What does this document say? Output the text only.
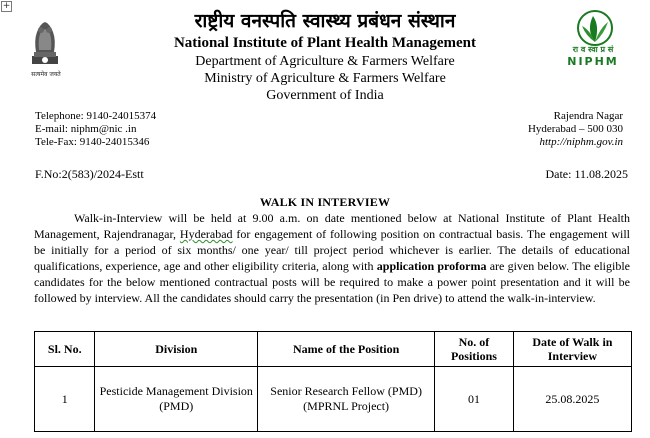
+
सत्यमेव जयते
राष्ट्रीय वनस्पति स्वास्थ्य प्रबंधन संस्थान
National Institute of Plant Health Management
Department of Agriculture & Farmers Welfare
Ministry of Agriculture & Farmers Welfare
Government of India
रा व स्वा प्र सं
NIPHM
Telephone: 9140-24015374
E-mail: niphm@nic .in
Tele-Fax: 9140-24015346
Rajendra Nagar
Hyderabad – 500 030
http://niphm.gov.in
F.No:2(583)/2024-Estt	Date: 11.08.2025
WALK IN INTERVIEW
Walk-in-Interview will be held at 9.00 a.m. on date mentioned below at National Institute of Plant Health Management, Rajendranagar, Hyderabad for engagement of following position on contractual basis. The engagement will be initially for a period of six months/ one year/ till project period whichever is earlier. The details of educational qualifications, experience, age and other eligibility criteria, along with application proforma are given below. The eligible candidates for the below mentioned contractual posts will be required to make a power point presentation and it will be followed by interview. All the candidates should carry the presentation (in Pen drive) to attend the walk-in-interview.
Sl. No.	Division	Name of the Position	No. of Positions	Date of Walk in Interview
1	Pesticide Management Division (PMD)	Senior Research Fellow (PMD) (MPRNL Project)	01	25.08.2025
